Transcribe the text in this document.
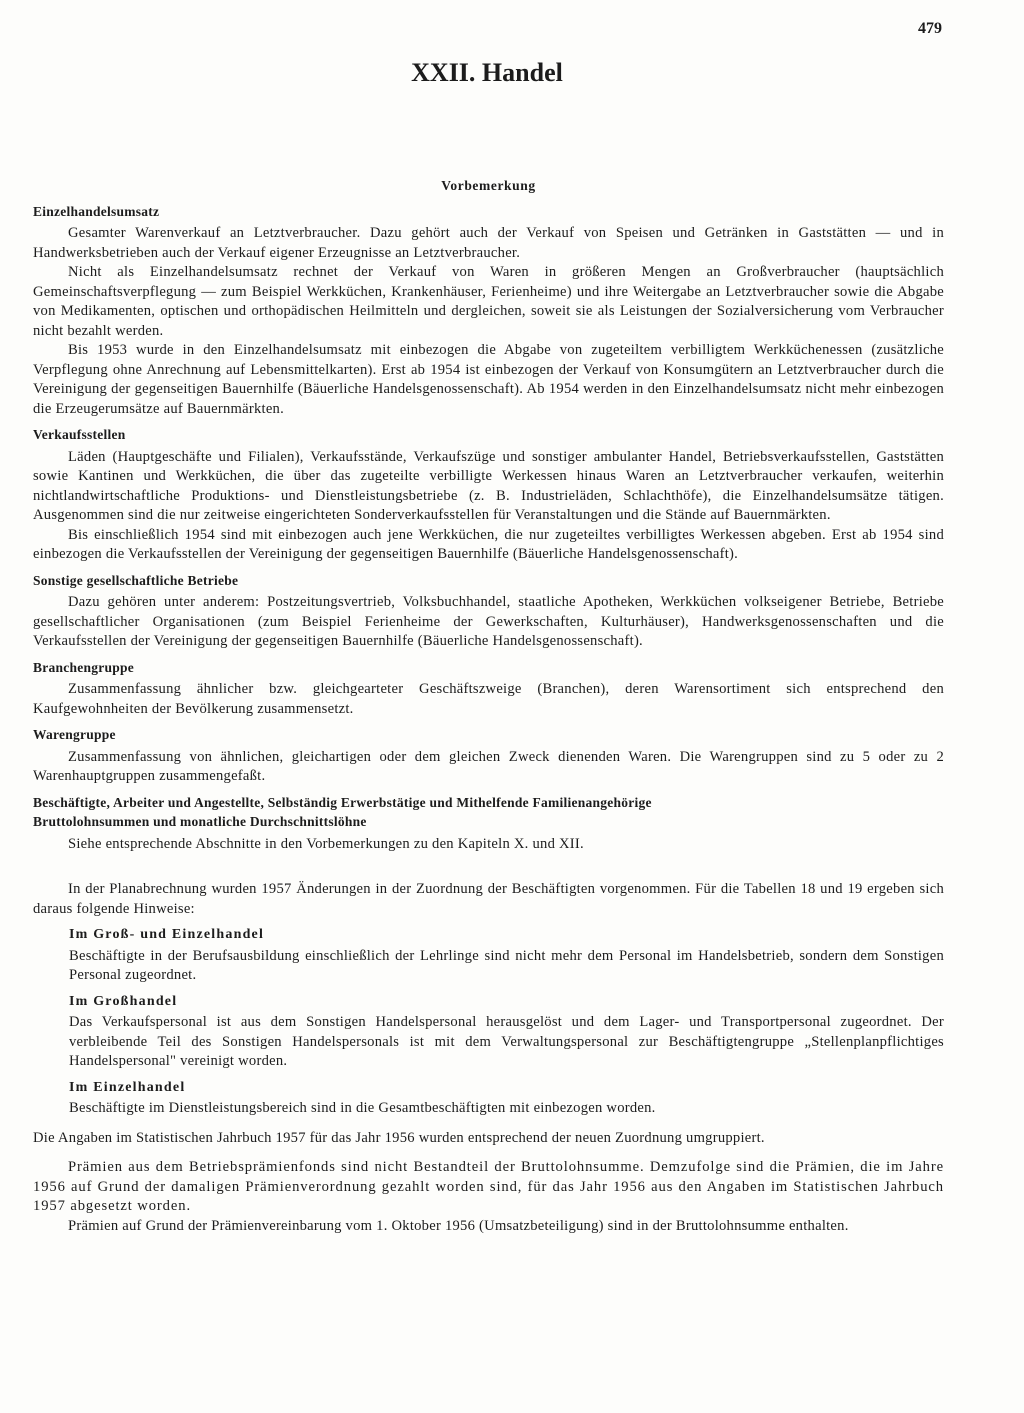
479
XXII. Handel
Vorbemerkung
Einzelhandelsumsatz

Gesamter Warenverkauf an Letztverbraucher. Dazu gehört auch der Verkauf von Speisen und Getränken in Gaststätten — und in Handwerksbetrieben auch der Verkauf eigener Erzeugnisse an Letztverbraucher.

Nicht als Einzelhandelsumsatz rechnet der Verkauf von Waren in größeren Mengen an Großverbraucher (hauptsächlich Gemeinschaftsverpflegung — zum Beispiel Werkküchen, Krankenhäuser, Ferienheime) und ihre Weitergabe an Letztverbraucher sowie die Abgabe von Medikamenten, optischen und orthopädischen Heilmitteln und dergleichen, soweit sie als Leistungen der Sozialversicherung vom Verbraucher nicht bezahlt werden.

Bis 1953 wurde in den Einzelhandelsumsatz mit einbezogen die Abgabe von zugeteiltem verbilligtem Werkküchenessen (zusätzliche Verpflegung ohne Anrechnung auf Lebensmittelkarten). Erst ab 1954 ist einbezogen der Verkauf von Konsumgütern an Letztverbraucher durch die Vereinigung der gegenseitigen Bauernhilfe (Bäuerliche Handelsgenossenschaft). Ab 1954 werden in den Einzelhandelsumsatz nicht mehr einbezogen die Erzeugerumsätze auf Bauernmärkten.

Verkaufsstellen

Läden (Hauptgeschäfte und Filialen), Verkaufsstände, Verkaufszüge und sonstiger ambulanter Handel, Betriebsverkaufsstellen, Gaststätten sowie Kantinen und Werkküchen, die über das zugeteilte verbilligte Werkessen hinaus Waren an Letztverbraucher verkaufen, weiterhin nichtlandwirtschaftliche Produktions- und Dienstleistungsbetriebe (z. B. Industrieläden, Schlachthöfe), die Einzelhandelsumsätze tätigen. Ausgenommen sind die nur zeitweise eingerichteten Sonderverkaufsstellen für Veranstaltungen und die Stände auf Bauernmärkten.

Bis einschließlich 1954 sind mit einbezogen auch jene Werkküchen, die nur zugeteiltes verbilligtes Werkessen abgeben. Erst ab 1954 sind einbezogen die Verkaufsstellen der Vereinigung der gegenseitigen Bauernhilfe (Bäuerliche Handelsgenossenschaft).

Sonstige gesellschaftliche Betriebe

Dazu gehören unter anderem: Postzeitungsvertrieb, Volksbuchhandel, staatliche Apotheken, Werkküchen volkseigener Betriebe, Betriebe gesellschaftlicher Organisationen (zum Beispiel Ferienheime der Gewerkschaften, Kulturhäuser), Handwerksgenossenschaften und die Verkaufsstellen der Vereinigung der gegenseitigen Bauernhilfe (Bäuerliche Handelsgenossenschaft).

Branchengruppe

Zusammenfassung ähnlicher bzw. gleichgearteter Geschäftszweige (Branchen), deren Warensortiment sich entsprechend den Kaufgewohnheiten der Bevölkerung zusammensetzt.

Warengruppe

Zusammenfassung von ähnlichen, gleichartigen oder dem gleichen Zweck dienenden Waren. Die Warengruppen sind zu 5 oder zu 2 Warenhauptgruppen zusammengefaßt.

Beschäftigte, Arbeiter und Angestellte, Selbständig Erwerbstätige und Mithelfende Familienangehörige
Bruttolohnsummen und monatliche Durchschnittslöhne

Siehe entsprechende Abschnitte in den Vorbemerkungen zu den Kapiteln X. und XII.

In der Planabrechnung wurden 1957 Änderungen in der Zuordnung der Beschäftigten vorgenommen. Für die Tabellen 18 und 19 ergeben sich daraus folgende Hinweise:

Im Groß- und Einzelhandel

Beschäftigte in der Berufsausbildung einschließlich der Lehrlinge sind nicht mehr dem Personal im Handelsbetrieb, sondern dem Sonstigen Personal zugeordnet.

Im Großhandel

Das Verkaufspersonal ist aus dem Sonstigen Handelspersonal herausgelöst und dem Lager- und Transportpersonal zugeordnet. Der verbleibende Teil des Sonstigen Handelspersonals ist mit dem Verwaltungspersonal zur Beschäftigtengruppe „Stellenplanpflichtiges Handelspersonal" vereinigt worden.

Im Einzelhandel

Beschäftigte im Dienstleistungsbereich sind in die Gesamtbeschäftigten mit einbezogen worden.

Die Angaben im Statistischen Jahrbuch 1957 für das Jahr 1956 wurden entsprechend der neuen Zuordnung umgruppiert.

Prämien aus dem Betriebsprämienfonds sind nicht Bestandteil der Bruttolohnsumme. Demzufolge sind die Prämien, die im Jahre 1956 auf Grund der damaligen Prämienverordnung gezahlt worden sind, für das Jahr 1956 aus den Angaben im Statistischen Jahrbuch 1957 abgesetzt worden.

Prämien auf Grund der Prämienvereinbarung vom 1. Oktober 1956 (Umsatzbeteiligung) sind in der Bruttolohnsumme enthalten.
